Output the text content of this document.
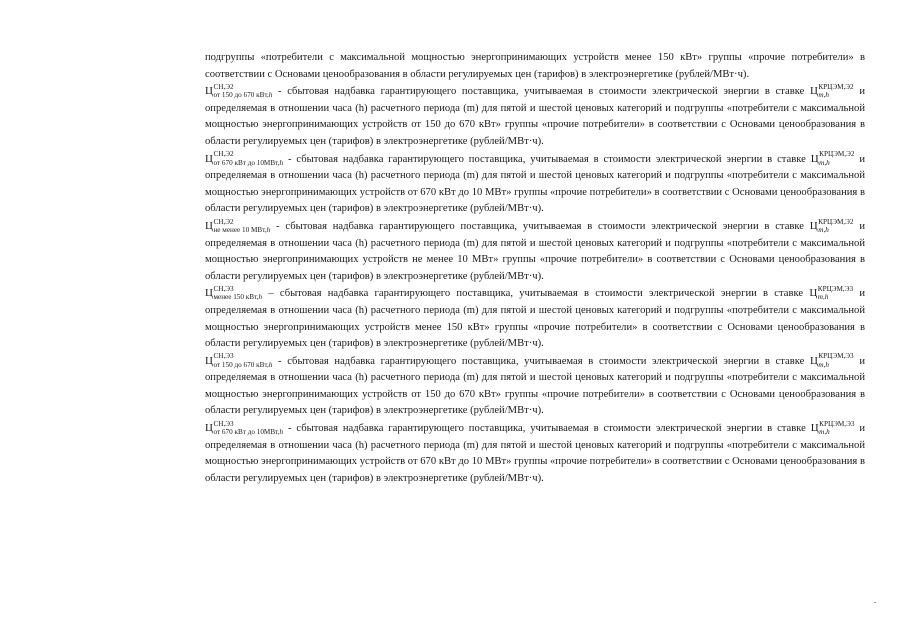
подгруппы «потребители с максимальной мощностью энергопринимающих устройств менее 150 кВт» группы «прочие потребители» в соответствии с Основами ценообразования в области регулируемых цен (тарифов) в электроэнергетике (рублей/МВт·ч).

Ц СН,Э2
от 150 до 670 кВт,h - сбытовая надбавка гарантирующего поставщика, учитываемая в стоимости электрической энергии в ставке Ц КРЦЭМ,Э2
m,h	и определяемая в отношении часа (h) расчетного периода (m) для пятой и шестой ценовых категорий и подгруппы «потребители с максимальной мощностью энергопринимающих устройств от 150 до 670 кВт» группы «прочие потребители» в соответствии с Основами ценообразования в области регулируемых цен (тарифов) в электроэнергетике (рублей/МВт·ч).

Ц СН,Э2
от 670 кВт до 10МВт,h - сбытовая надбавка гарантирующего поставщика, учитываемая в стоимости электрической энергии в ставке Ц КРЦЭМ,Э2
m,h	и определяемая в отношении часа (h) расчетного периода (m) для пятой и шестой ценовых категорий и подгруппы «потребители с максимальной мощностью энергопринимающих устройств от 670 кВт до 10 МВт» группы «прочие потребители» в соответствии с Основами ценообразования в области регулируемых цен (тарифов) в электроэнергетике (рублей/МВт·ч).

Ц СН,Э2
не менее 10 МВт,h - сбытовая надбавка гарантирующего поставщика, учитываемая в стоимости электрической энергии в ставке Ц КРЦЭМ,Э2
m,h	и определяемая в отношении часа (h) расчетного периода (m) для пятой и шестой ценовых категорий и подгруппы «потребители с максимальной мощностью энергопринимающих устройств не менее 10 МВт» группы «прочие потребители» в соответствии с Основами ценообразования в области регулируемых цен (тарифов) в электроэнергетике (рублей/МВт·ч).

Ц СН,Э3
менее 150 кВт,h – сбытовая надбавка гарантирующего поставщика, учитываемая в стоимости электрической энергии в ставке Ц КРЦЭМ,Э3
m,h	и определяемая в отношении часа (h) расчетного периода (m) для пятой и шестой ценовых категорий и подгруппы «потребители с максимальной мощностью энергопринимающих устройств менее 150 кВт» группы «прочие потребители» в соответствии с Основами ценообразования в области регулируемых цен (тарифов) в электроэнергетике (рублей/МВт·ч).

Ц СН,Э3
от 150 до 670 кВт,h - сбытовая надбавка гарантирующего поставщика, учитываемая в стоимости электрической энергии в ставке Ц КРЦЭМ,Э3
m,h	и определяемая в отношении часа (h) расчетного периода (m) для пятой и шестой ценовых категорий и подгруппы «потребители с максимальной мощностью энергопринимающих устройств от 150 до 670 кВт» группы «прочие потребители» в соответствии с Основами ценообразования в области регулируемых цен (тарифов) в электроэнергетике (рублей/МВт·ч).

Ц СН,Э3
от 670 кВт до 10МВт,h - сбытовая надбавка гарантирующего поставщика, учитываемая в стоимости электрической энергии в ставке Ц КРЦЭМ,Э3
m,h	и определяемая в отношении часа (h) расчетного периода (m) для пятой и шестой ценовых категорий и подгруппы «потребители с максимальной мощностью энергопринимающих устройств от 670 кВт до 10 МВт» группы «прочие потребители» в соответствии с Основами ценообразования в области регулируемых цен (тарифов) в электроэнергетике (рублей/МВт·ч).
